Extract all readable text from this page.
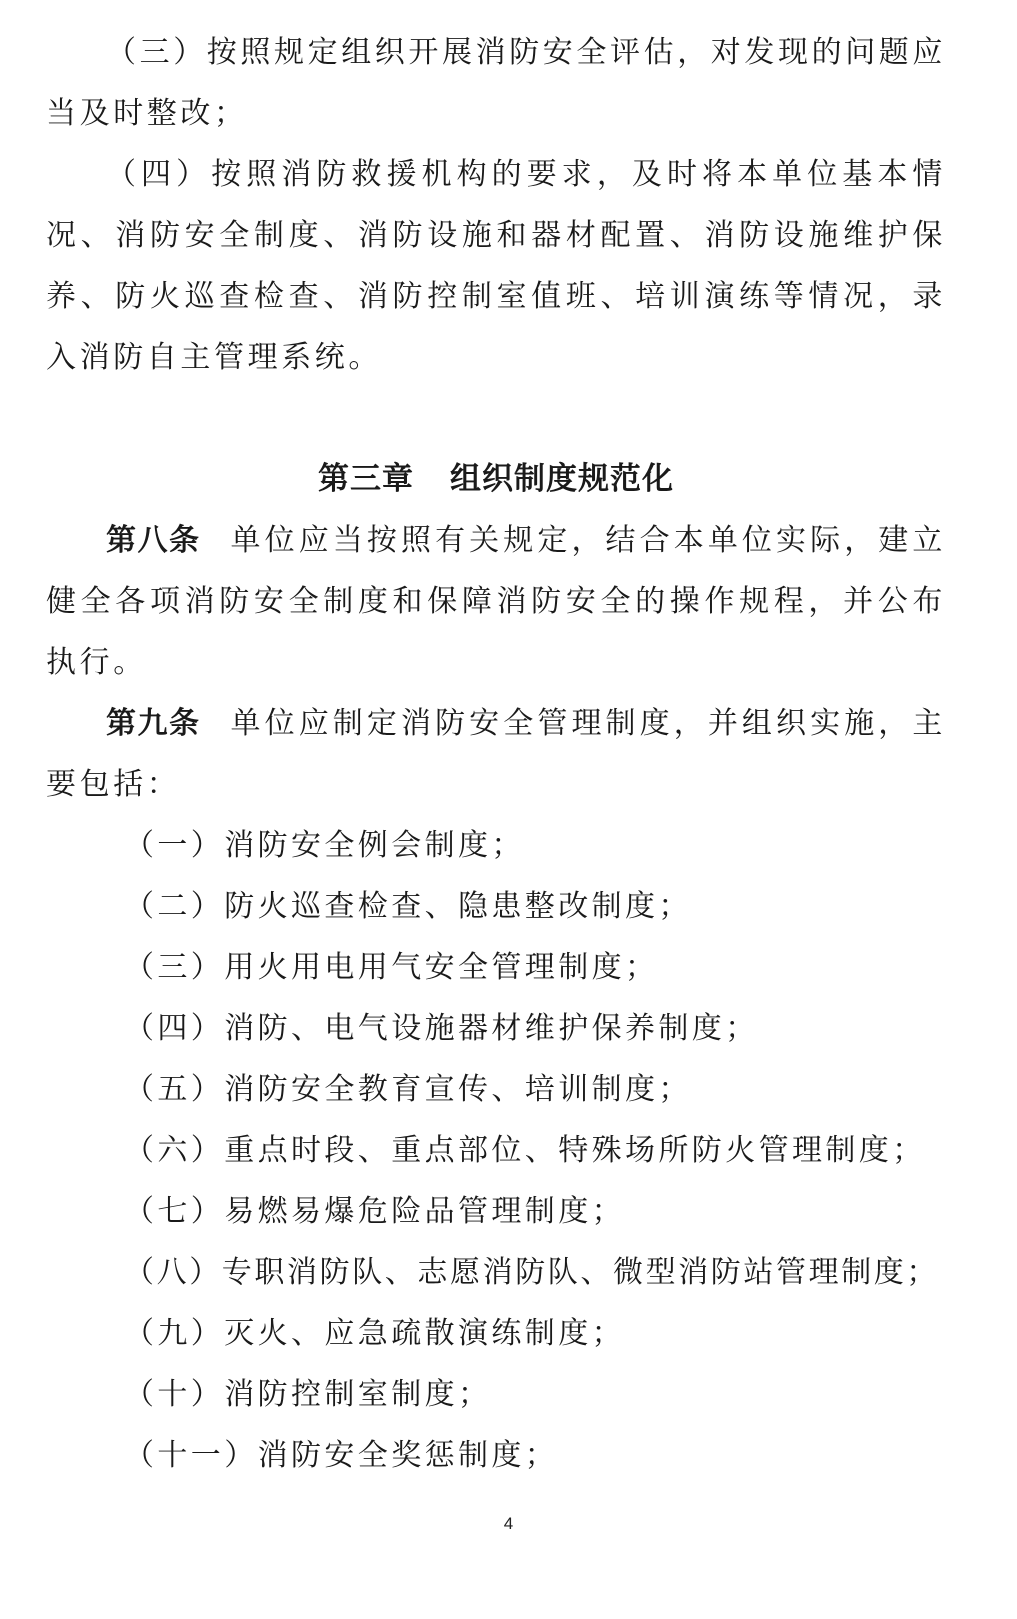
（三）按照规定组织开展消防安全评估，对发现的问题应当及时整改；

（四）按照消防救援机构的要求，及时将本单位基本情况、消防安全制度、消防设施和器材配置、消防设施维护保养、防火巡查检查、消防控制室值班、培训演练等情况，录入消防自主管理系统。

第三章 组织制度规范化

第八条 单位应当按照有关规定，结合本单位实际，建立健全各项消防安全制度和保障消防安全的操作规程，并公布执行。

第九条 单位应制定消防安全管理制度，并组织实施，主要包括：

（一）消防安全例会制度；

（二）防火巡查检查、隐患整改制度；

（三）用火用电用气安全管理制度；

（四）消防、电气设施器材维护保养制度；

（五）消防安全教育宣传、培训制度；

（六）重点时段、重点部位、特殊场所防火管理制度；

（七）易燃易爆危险品管理制度；

（八）专职消防队、志愿消防队、微型消防站管理制度；

（九）灭火、应急疏散演练制度；

（十）消防控制室制度；

（十一）消防安全奖惩制度；

4
